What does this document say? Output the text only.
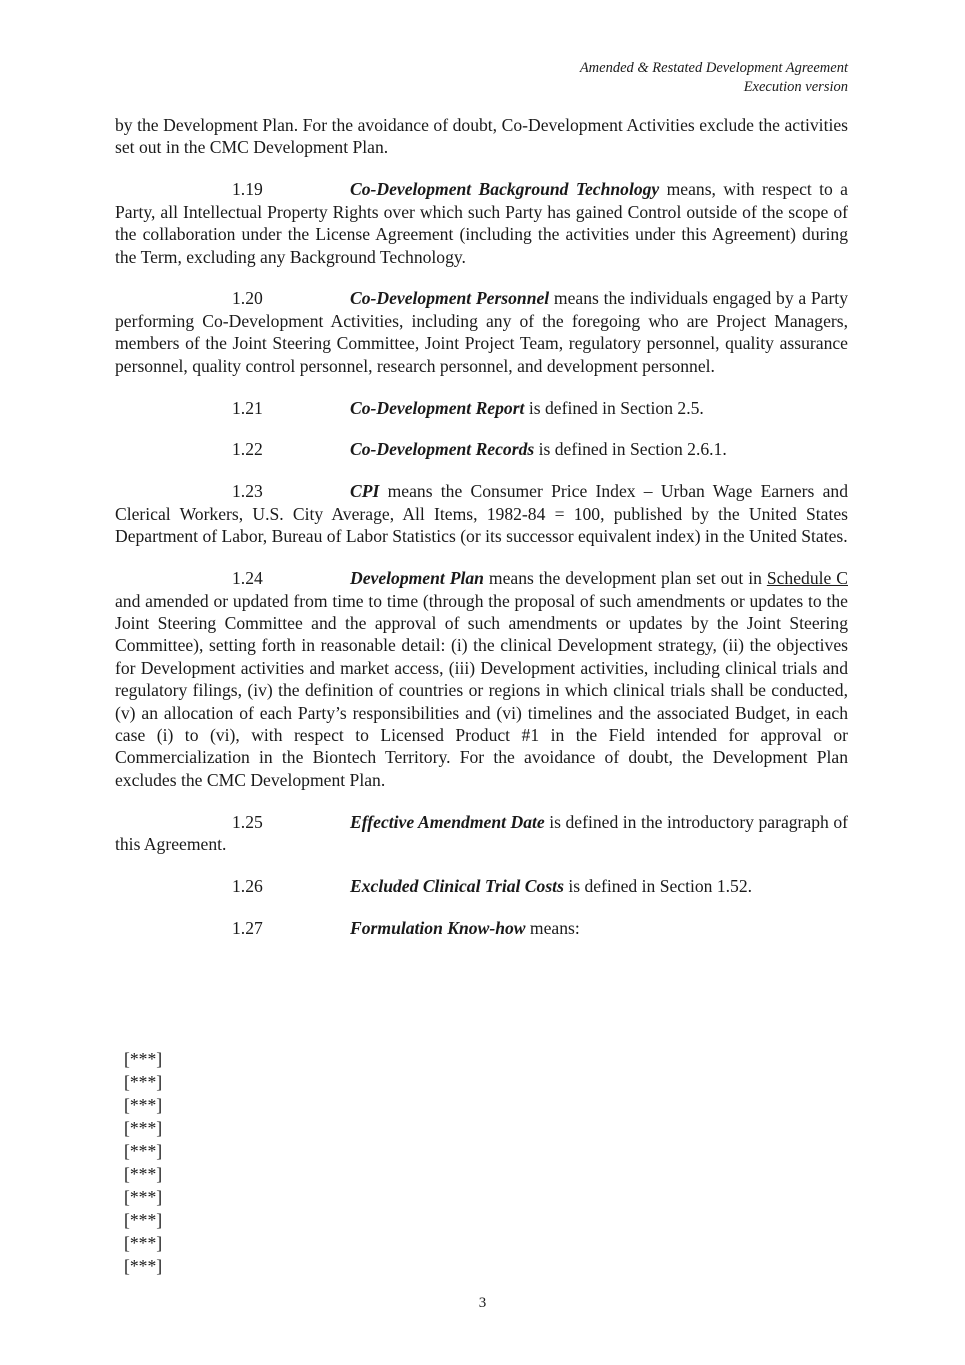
Amended & Restated Development Agreement
Execution version

by the Development Plan. For the avoidance of doubt, Co-Development Activities exclude the activities set out in the CMC Development Plan.

1.19	Co-Development Background Technology means, with respect to a Party, all Intellectual Property Rights over which such Party has gained Control outside of the scope of the collaboration under the License Agreement (including the activities under this Agreement) during the Term, excluding any Background Technology.

1.20	Co-Development Personnel means the individuals engaged by a Party performing Co-Development Activities, including any of the foregoing who are Project Managers, members of the Joint Steering Committee, Joint Project Team, regulatory personnel, quality assurance personnel, quality control personnel, research personnel, and development personnel.

1.21	Co-Development Report is defined in Section 2.5.

1.22	Co-Development Records is defined in Section 2.6.1.

1.23	CPI means the Consumer Price Index – Urban Wage Earners and Clerical Workers, U.S. City Average, All Items, 1982-84 = 100, published by the United States Department of Labor, Bureau of Labor Statistics (or its successor equivalent index) in the United States.

1.24	Development Plan means the development plan set out in Schedule C and amended or updated from time to time (through the proposal of such amendments or updates to the Joint Steering Committee and the approval of such amendments or updates by the Joint Steering Committee), setting forth in reasonable detail: (i) the clinical Development strategy, (ii) the objectives for Development activities and market access, (iii) Development activities, including clinical trials and regulatory filings, (iv) the definition of countries or regions in which clinical trials shall be conducted, (v) an allocation of each Party’s responsibilities and (vi) timelines and the associated Budget, in each case (i) to (vi), with respect to Licensed Product #1 in the Field intended for approval or Commercialization in the Biontech Territory. For the avoidance of doubt, the Development Plan excludes the CMC Development Plan.

1.25	Effective Amendment Date is defined in the introductory paragraph of this Agreement.

1.26	Excluded Clinical Trial Costs is defined in Section 1.52.

1.27	Formulation Know-how means:

[***]
[***]
[***]
[***]
[***]
[***]
[***]
[***]
[***]
[***]
3
